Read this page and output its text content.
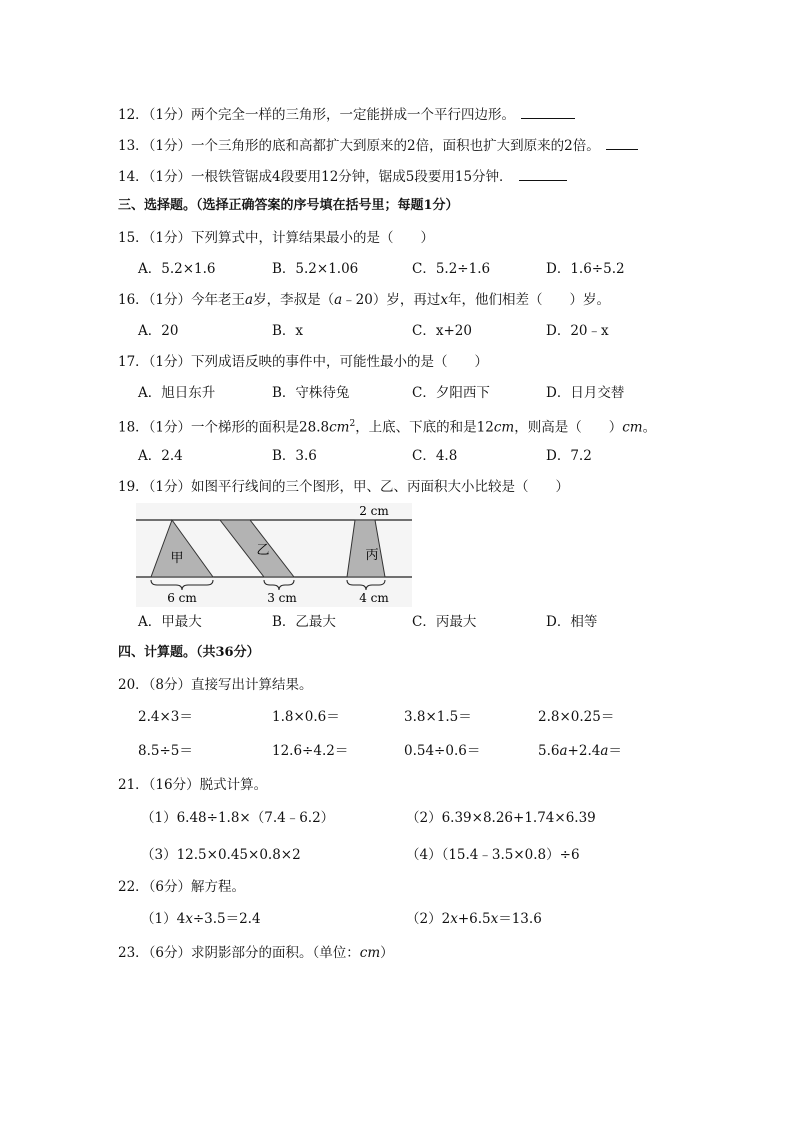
12．（1分）两个完全一样的三角形，一定能拼成一个平行四边形。
13．（1分）一个三角形的底和高都扩大到原来的2倍，面积也扩大到原来的2倍。
14．（1分）一根铁管锯成4段要用12分钟，锯成5段要用15分钟．
三、选择题。（选择正确答案的序号填在括号里；每题1分）
15．（1分）下列算式中，计算结果最小的是（　　）
A．5.2×1.6	B．5.2×1.06	C．5.2÷1.6	D．1.6÷5.2
16．（1分）今年老王a岁，李叔是（a﹣20）岁，再过x年，他们相差（　　）岁。
A．20	B．x	C．x+20	D．20﹣x
17．（1分）下列成语反映的事件中，可能性最小的是（　　）
A．旭日东升	B．守株待兔	C．夕阳西下	D．日月交替
18．（1分）一个梯形的面积是$28.8cm^2$，上底、下底的和是12cm，则高是（　　）cm。
A．2.4	B．3.6	C．4.8	D．7.2
19．（1分）如图平行线间的三个图形，甲、乙、丙面积大小比较是（　　）
甲
6 cm
乙
3 cm
丙
2 cm
4 cm
A．甲最大	B．乙最大	C．丙最大	D．相等
四、计算题。（共36分）
20．（8分）直接写出计算结果。
2.4×3＝	1.8×0.6＝	3.8×1.5＝	2.8×0.25＝
8.5÷5＝	12.6÷4.2＝	0.54÷0.6＝	5.6a+2.4a＝
21．（16分）脱式计算。
（1）6.48÷1.8×（7.4﹣6.2）	（2）6.39×8.26+1.74×6.39
（3）12.5×0.45×0.8×2	（4）（15.4﹣3.5×0.8）÷6
22．（6分）解方程。
（1）4x÷3.5＝2.4	（2）2x+6.5x＝13.6
23．（6分）求阴影部分的面积。（单位：cm）
